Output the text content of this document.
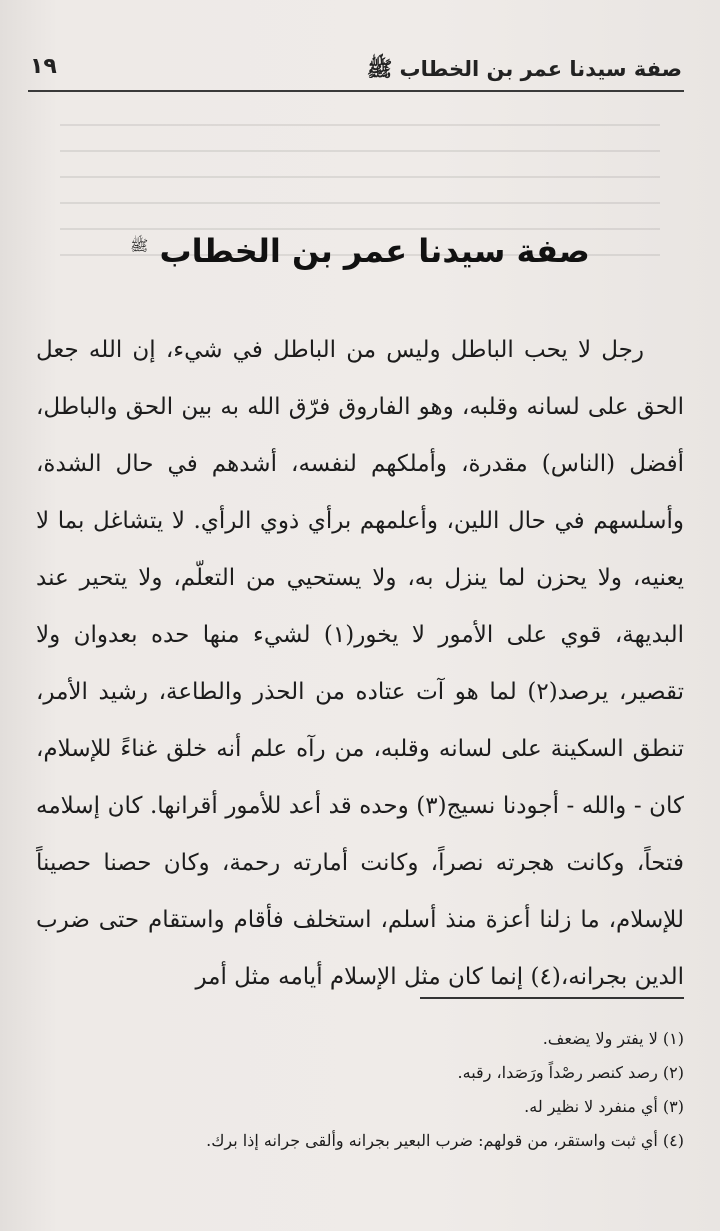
صفة سيدنا عمر بن الخطاب ﷺ
١٩
صفة سيدنا عمر بن الخطاب $^ﷺ$

رجل لا يحب الباطل وليس من الباطل في شيء، إن الله جعل الحق على لسانه وقلبه، وهو الفاروق فرّق الله به بين الحق والباطل، أفضل (الناس) مقدرة، وأملكهم لنفسه، أشدهم في حال الشدة، وأسلسهم في حال اللين، وأعلمهم برأي ذوي الرأي. لا يتشاغل بما لا يعنيه، ولا يحزن لما ينزل به، ولا يستحيي من التعلّم، ولا يتحير عند البديهة، قوي على الأمور لا يخور(١) لشيء منها حده بعدوان ولا تقصير، يرصد(٢) لما هو آت عتاده من الحذر والطاعة، رشيد الأمر، تنطق السكينة على لسانه وقلبه، من رآه علم أنه خلق غناءً للإسلام، كان - والله - أجودنا نسيج(٣) وحده قد أعد للأمور أقرانها. كان إسلامه فتحاً، وكانت هجرته نصراً، وكانت أمارته رحمة، وكان حصنا حصيناً للإسلام، ما زلنا أعزة منذ أسلم، استخلف فأقام واستقام حتى ضرب الدين بجرانه،(٤) إنما كان مثل الإسلام أيامه مثل أمر

(١) لا يفتر ولا يضعف.
(٢) رصد كنصر رصْداً ورَصَدا، رقبه.
(٣) أي منفرد لا نظير له.
(٤) أي ثبت واستقر، من قولهم: ضرب البعير بجرانه وألقى جرانه إذا برك.
